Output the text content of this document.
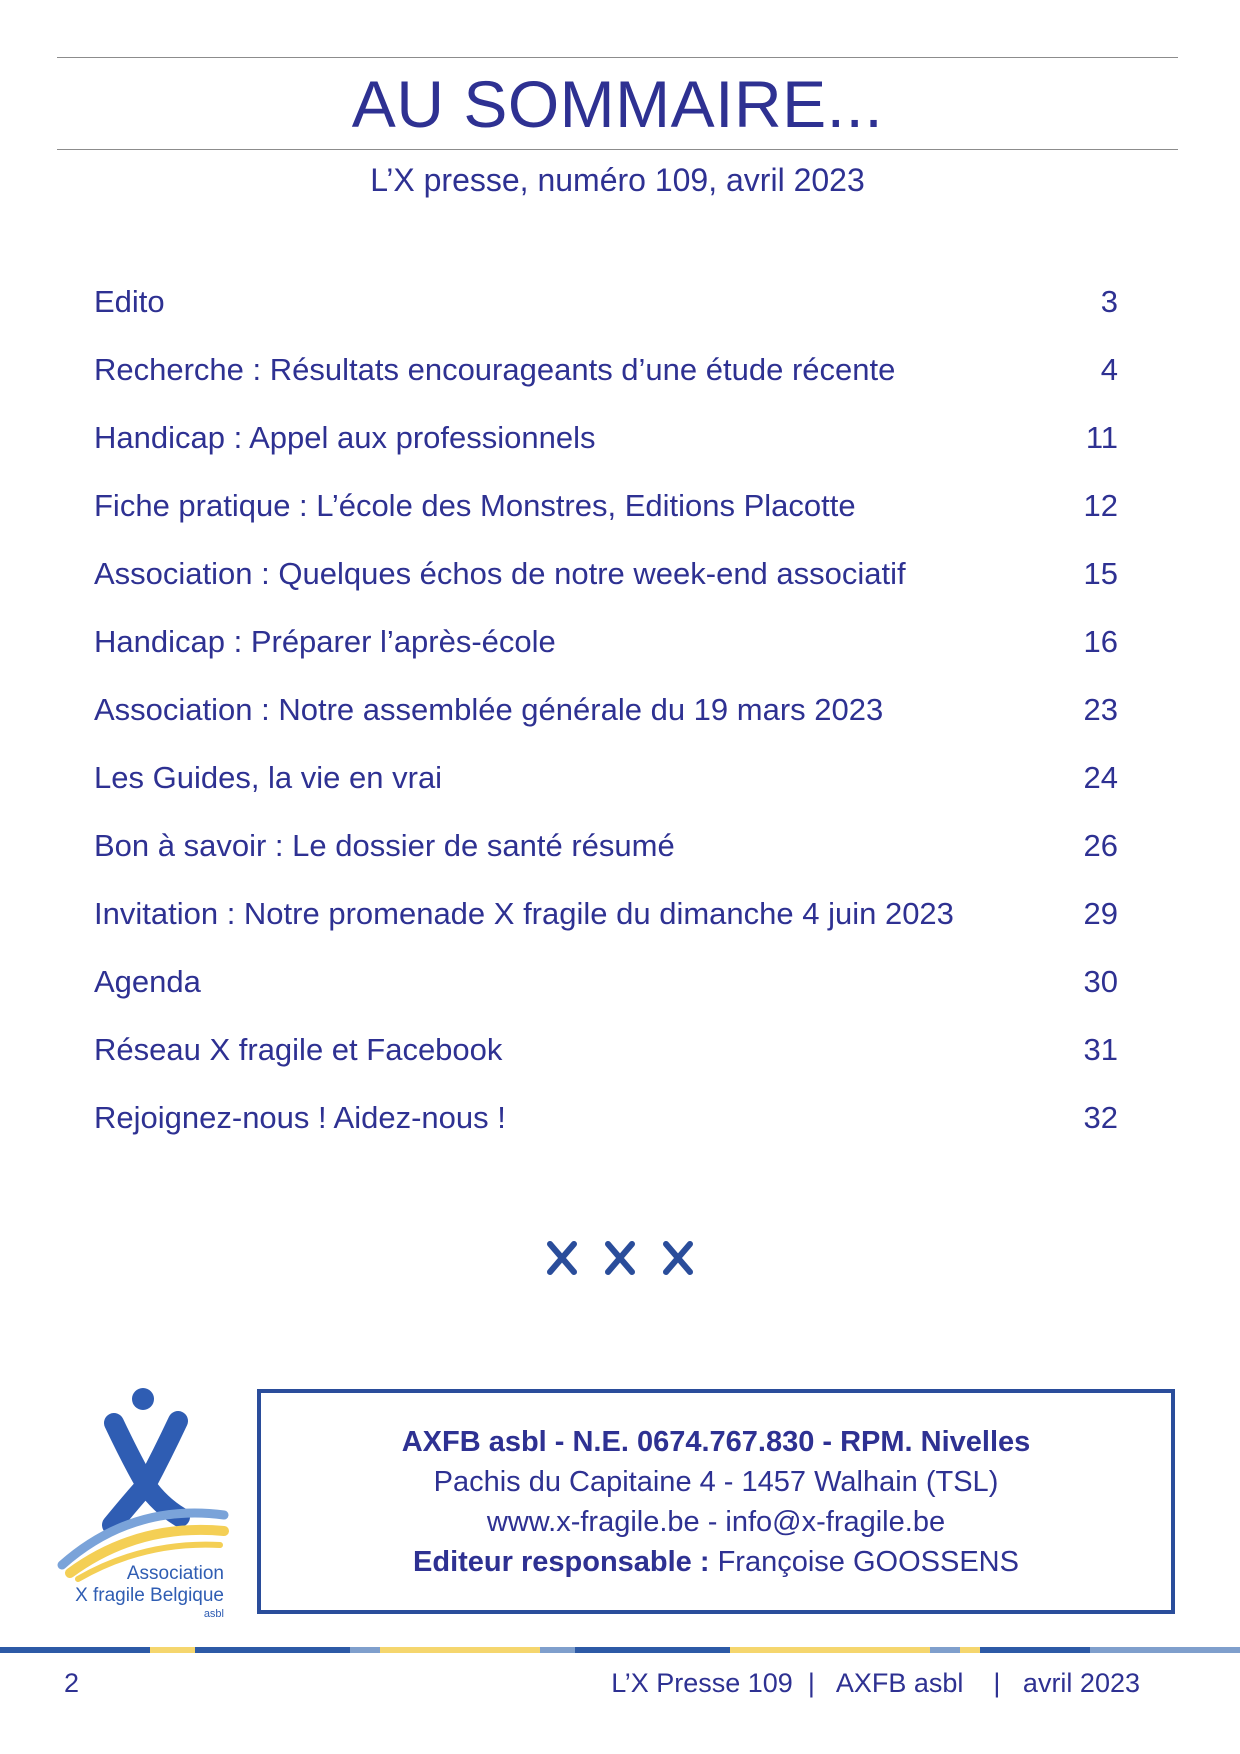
AU SOMMAIRE...
L’X presse, numéro 109, avril 2023
Edito	3
Recherche : Résultats encourageants d’une étude récente	4
Handicap : Appel aux professionnels	11
Fiche pratique : L’école des Monstres, Editions Placotte	12
Association : Quelques échos de notre week-end associatif	15
Handicap : Préparer l’après-école	16
Association : Notre assemblée générale du 19 mars 2023	23
Les Guides, la vie en vrai	24
Bon à savoir : Le dossier de santé résumé	26
Invitation : Notre promenade X fragile du dimanche 4 juin 2023	29
Agenda	30
Réseau X fragile et Facebook	31
Rejoignez-nous ! Aidez-nous !	32
Association
X fragile Belgique
asbl
AXFB asbl - N.E. 0674.767.830 - RPM. Nivelles
Pachis du Capitaine 4 - 1457 Walhain (TSL)
www.x-fragile.be - info@x-fragile.be
Editeur responsable : Françoise GOOSSENS
2	L’X Presse 109  |   AXFB asbl    |   avril 2023
